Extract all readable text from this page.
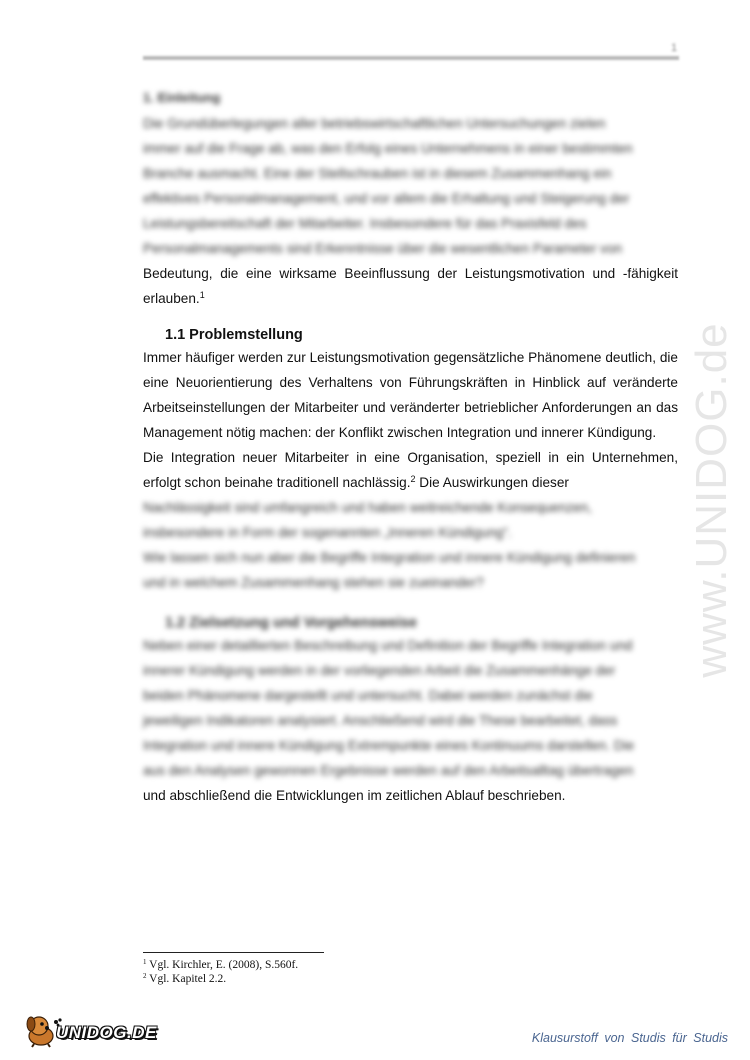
1
www.UNIDOG.de
1. Einleitung

Die Grundüberlegungen aller betriebswirtschaftlichen Untersuchungen zielen

immer auf die Frage ab, was den Erfolg eines Unternehmens in einer bestimmten

Branche ausmacht. Eine der Stellschrauben ist in diesem Zusammenhang ein

effektives Personalmanagement, und vor allem die Erhaltung und Steigerung der

Leistungsbereitschaft der Mitarbeiter. Insbesondere für das Praxisfeld des

Personalmanagements sind Erkenntnisse über die wesentlichen Parameter von

Bedeutung, die eine wirksame Beeinflussung der Leistungsmotivation und -fähigkeit erlauben.$^1$

1.1 Problemstellung

Immer häufiger werden zur Leistungsmotivation gegensätzliche Phänomene deutlich, die eine Neuorientierung des Verhaltens von Führungskräften in Hinblick auf veränderte Arbeitseinstellungen der Mitarbeiter und veränderter betrieblicher Anforderungen an das Management nötig machen: der Konflikt zwischen Integration und innerer Kündigung.

Die Integration neuer Mitarbeiter in eine Organisation, speziell in ein Unternehmen, erfolgt schon beinahe traditionell nachlässig.$^2$ Die Auswirkungen dieser

Nachlässigkeit sind umfangreich und haben weitreichende Konsequenzen,

insbesondere in Form der sogenannten „Inneren Kündigung“.

Wie lassen sich nun aber die Begriffe Integration und innere Kündigung definieren

und in welchem Zusammenhang stehen sie zueinander?

1.2 Zielsetzung und Vorgehensweise

Neben einer detaillierten Beschreibung und Definition der Begriffe Integration und

innerer Kündigung werden in der vorliegenden Arbeit die Zusammenhänge der

beiden Phänomene dargestellt und untersucht. Dabei werden zunächst die

jeweiligen Indikatoren analysiert. Anschließend wird die These bearbeitet, dass

Integration und innere Kündigung Extrempunkte eines Kontinuums darstellen. Die

aus den Analysen gewonnen Ergebnisse werden auf den Arbeitsalltag übertragen

und abschließend die Entwicklungen im zeitlichen Ablauf beschrieben.

$^1$ Vgl. Kirchler, E. (2008), S.560f.
$^2$ Vgl. Kapitel 2.2.
UNIDOG.DE	Klausurstoff von Studis für Studis
